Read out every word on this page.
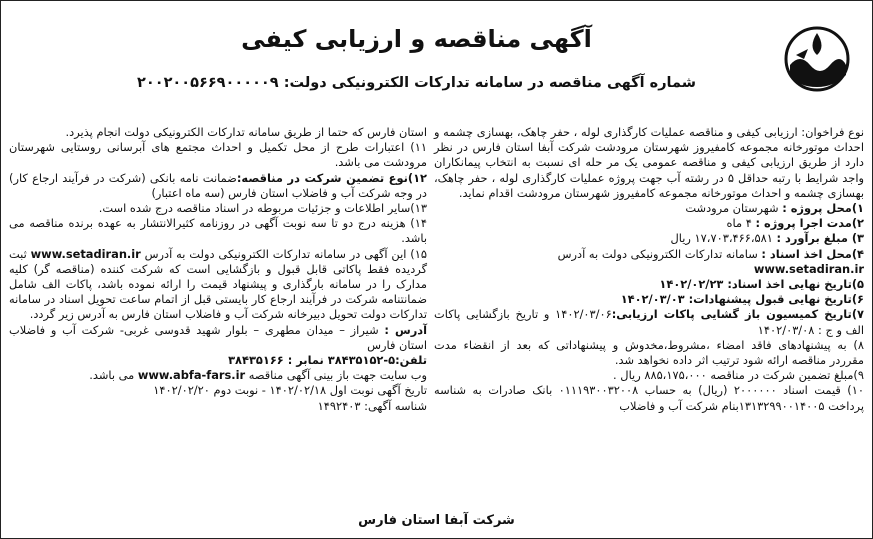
آگهی مناقصه و ارزیابی کیفی
شماره آگهی مناقصه در سامانه تدارکات الکترونیکی دولت: ۲۰۰۲۰۰۵۶۶۹۰۰۰۰۰۹

نوع فراخوان: ارزیابی کیفی و مناقصه عملیات کارگذاری لوله ، حفر چاهک، بهسازی چشمه و احداث موتورخانه مجموعه کامفیروز شهرستان مرودشت شرکت آبفا استان فارس در نظر دارد از طریق ارزیابی کیفی و مناقصه عمومی یک مر حله ای نسبت به انتخاب پیمانکاران واجد شرایط با رتبه حداقل ۵ در رشته آب جهت پروژه عملیات کارگذاری لوله ، حفر چاهک، بهسازی چشمه و احداث موتورخانه مجموعه کامفیروز شهرستان مرودشت اقدام نماید.

۱)محل پروژه : شهرستان مرودشت

۲)مدت اجرا پروژه : ۴ ماه

۳) مبلغ برآورد : ۱۷،۷۰۳،۴۶۶،۵۸۱ ریال

۴)محل اخذ اسناد : سامانه تدارکات الکترونیکی دولت به آدرس
www.setadiran.ir

۵)تاریخ نهایی اخذ اسناد: ۱۴۰۲/۰۲/۲۳

۶)تاریخ نهایی قبول پیشنهادات: ۱۴۰۲/۰۳/۰۳

۷)تاریخ کمیسیون باز گشایی پاکات ارزیابی:۱۴۰۲/۰۳/۰۶ و تاریخ بازگشایی پاکات الف و ج : ۱۴۰۲/۰۳/۰۸

۸) به پیشنهادهای فاقد امضاء ،مشروط،مخدوش و پیشنهاداتی که بعد از انقضاء مدت مقرردر مناقصه ارائه شود ترتیب اثر داده نخواهد شد.

۹)مبلغ تضمین شرکت در مناقصه ۸۸۵،۱۷۵،۰۰۰ ریال .

۱۰) قیمت اسناد ۲۰۰۰۰۰۰ (ریال) به حساب ۰۱۱۱۹۳۰۰۳۲۰۰۸ بانک صادرات به شناسه پرداخت ۱۳۱۳۲۹۹۰۰۱۴۰۰۵بنام شرکت آب و فاضلاب

استان فارس که حتما از طریق سامانه تدارکات الکترونیکی دولت انجام پذیرد.

۱۱) اعتبارات طرح از محل تکمیل و احداث مجتمع های آبرسانی روستایی شهرستان مرودشت می باشد.

۱۲)نوع تضمین شرکت در مناقصه:ضمانت نامه بانکی (شرکت در فرآیند ارجاع کار) در وجه شرکت آب و فاضلاب استان فارس (سه ماه اعتبار)

۱۳)سایر اطلاعات و جزئیات مربوطه در اسناد مناقصه درج شده است.

۱۴) هزینه درج دو تا سه نوبت آگهی در روزنامه کثیرالانتشار به عهده برنده مناقصه می باشد.

۱۵) این آگهی در سامانه تدارکات الکترونیکی دولت به آدرس www.setadiran.ir ثبت گردیده فقط پاکاتی قابل قبول و بازگشایی است که شرکت کننده (مناقصه گر) کلیه مدارک را در سامانه بارگذاری و پیشنهاد قیمت را ارائه نموده باشد، پاکات الف شامل ضمانتنامه شرکت در فرآیند ارجاع کار بایستی قبل از اتمام ساعت تحویل اسناد در سامانه تدارکات دولت تحویل دبیرخانه شرکت آب و فاضلاب استان فارس به آدرس زیر گردد.

آدرس : شیراز – میدان مطهری – بلوار شهید قدوسی غربی- شرکت آب و فاضلاب استان فارس

تلفن:۵-۳۸۴۳۵۱۵۲ نمابر : ۳۸۴۳۵۱۶۶

وب سایت جهت باز بینی آگهی مناقصه www.abfa-fars.ir می باشد.

تاریخ آگهی نوبت اول ۱۴۰۲/۰۲/۱۸ - نوبت دوم ۱۴۰۲/۰۲/۲۰

شناسه آگهی: ۱۴۹۲۴۰۳

شرکت آبفا استان فارس
